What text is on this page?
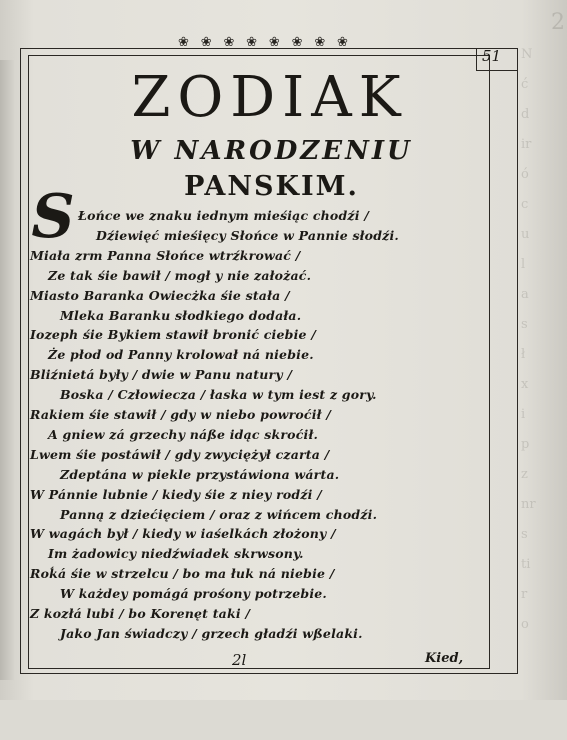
N
ć
d
ir
ó
c
u
l
a
s
ł
x
i
p
z
nr
s
ti
r
o
2
❀ ❀ ❀ ❀ ❀ ❀ ❀ ❀
51
ZODIAK
W NARODZENIU
PANSKIM.
S Łońce we znaku iednym mieśiąc chodźi /
Dźiewięć mieśięcy Słońce w Pannie słodźi.
Miała zrm Panna Słońce wtrźkrować /
Ze tak śie bawił / mogł y nie założać.
Miasto Baranka Owiecżka śie stała /
Mleka Baranku słodkiego dodała.
Iozeph śie Bykiem stawił bronić ciebie /
Że płod od Panny krolował ná niebie.
Bliźnietá były / dwie w Panu natury /
Boska / Człowiecza / łaska w tym iest z gory.
Rakiem śie stawił / gdy w niebo powroćił /
A gniew zá grzechy náße idąc skroćił.
Lwem śie postáwił / gdy zwyciężył czarta /
Zdeptána w piekle przystáwiona wárta.
W Pánnie lubnie / kiedy śie z niey rodźi /
Panną z dziećięciem / oraz z wińcem chodźi.
W wagách był / kiedy w iaśelkách złożony /
Im żadowicy niedźwiadek skrwsony.
Roḱá śie w strzelcu / bo ma łuk ná niebie /
W każdey pomágá prośony potrzebie.
Z kozłá lubi / bo Korenęt taki /
Jako Jan świadczy / grzech gładźi wßelaki.
2l	Kied,
